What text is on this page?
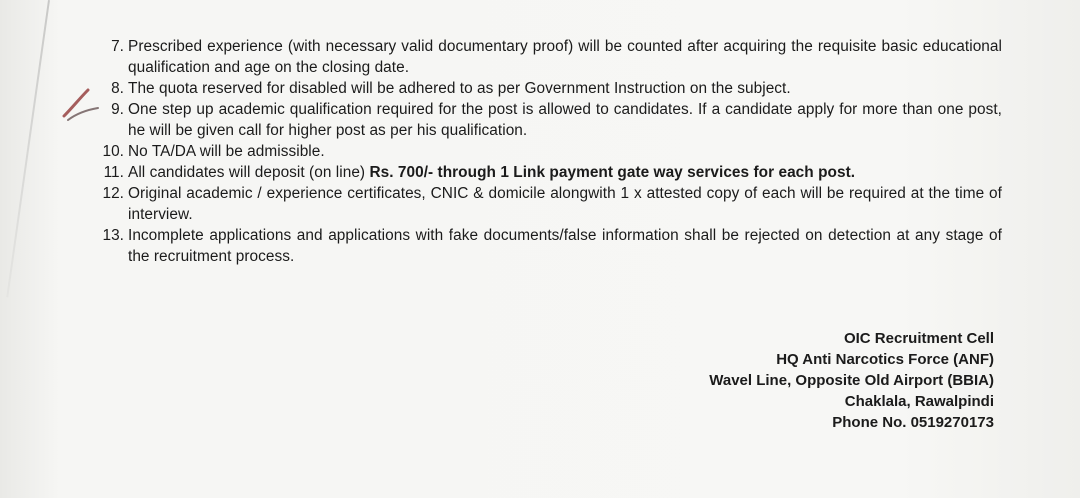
7. Prescribed experience (with necessary valid documentary proof) will be counted after acquiring the requisite basic educational qualification and age on the closing date.
8. The quota reserved for disabled will be adhered to as per Government Instruction on the subject.
9. One step up academic qualification required for the post is allowed to candidates. If a candidate apply for more than one post, he will be given call for higher post as per his qualification.
10. No TA/DA will be admissible.
11. All candidates will deposit (on line) Rs. 700/- through 1 Link payment gate way services for each post.
12. Original academic / experience certificates, CNIC & domicile alongwith 1 x attested copy of each will be required at the time of interview.
13. Incomplete applications and applications with fake documents/false information shall be rejected on detection at any stage of the recruitment process.
OIC Recruitment Cell
HQ Anti Narcotics Force (ANF)
Wavel Line, Opposite Old Airport (BBIA)
Chaklala, Rawalpindi
Phone No. 0519270173
